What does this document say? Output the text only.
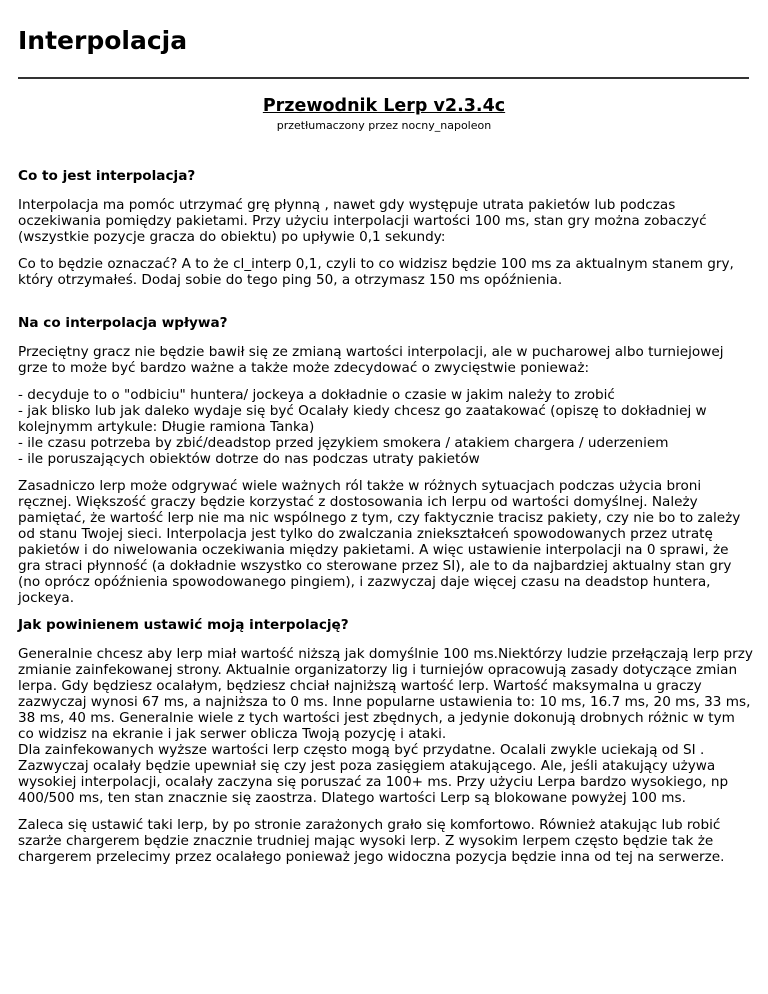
Interpolacja
Przewodnik Lerp v2.3.4c
przetłumaczony przez nocny_napoleon
Co to jest interpolacja?

Interpolacja ma pomóc utrzymać grę płynną , nawet gdy występuje utrata pakietów lub podczas oczekiwania pomiędzy pakietami. Przy użyciu interpolacji wartości 100 ms, stan gry można zobaczyć (wszystkie pozycje gracza do obiektu) po upływie 0,1 sekundy:

Co to będzie oznaczać? A to że cl_interp 0,1, czyli to co widzisz będzie 100 ms za aktualnym stanem gry, który otrzymałeś. Dodaj sobie do tego ping 50, a otrzymasz 150 ms opóźnienia.

Na co interpolacja wpływa?

Przeciętny gracz nie będzie bawił się ze zmianą wartości interpolacji, ale w pucharowej albo turniejowej grze to może być bardzo ważne a także może zdecydować o zwycięstwie ponieważ:

- decyduje to o "odbiciu" huntera/ jockeya a dokładnie o czasie w jakim należy to zrobić

- jak blisko lub jak daleko wydaje się być Ocalały kiedy chcesz go zaatakować (opiszę to dokładniej w kolejnymm artykule: Długie ramiona Tanka)

- ile czasu potrzeba by zbić/deadstop przed językiem smokera / atakiem chargera / uderzeniem

- ile poruszających obiektów dotrze do nas podczas utraty pakietów

Zasadniczo lerp może odgrywać wiele ważnych ról także w różnych sytuacjach podczas użycia broni ręcznej. Większość graczy będzie korzystać z dostosowania ich lerpu od wartości domyślnej. Należy pamiętać, że wartość lerp nie ma nic wspólnego z tym, czy faktycznie tracisz pakiety, czy nie bo to zależy od stanu Twojej sieci. Interpolacja jest tylko do zwalczania zniekształceń spowodowanych przez utratę pakietów i do niwelowania oczekiwania między pakietami. A więc ustawienie interpolacji na 0 sprawi, że gra straci płynność (a dokładnie wszystko co sterowane przez SI), ale to da najbardziej aktualny stan gry (no oprócz opóźnienia spowodowanego pingiem), i zazwyczaj daje więcej czasu na deadstop huntera, jockeya.

Jak powinienem ustawić moją interpolację?

Generalnie chcesz aby lerp miał wartość niższą jak domyślnie 100 ms.Niektórzy ludzie przełączają lerp przy zmianie zainfekowanej strony. Aktualnie organizatorzy lig i turniejów opracowują zasady dotyczące zmian lerpa. Gdy będziesz ocalałym, będziesz chciał najniższą wartość lerp. Wartość maksymalna u graczy zazwyczaj wynosi 67 ms, a najniższa to 0 ms. Inne popularne ustawienia to: 10 ms, 16.7 ms, 20 ms, 33 ms, 38 ms, 40 ms. Generalnie wiele z tych wartości jest zbędnych, a jedynie dokonują drobnych różnic w tym co widzisz na ekranie i jak serwer oblicza Twoją pozycję i ataki.

Dla zainfekowanych wyższe wartości lerp często mogą być przydatne. Ocalali zwykle uciekają od SI . Zazwyczaj ocalały będzie upewniał się czy jest poza zasięgiem atakującego. Ale, jeśli atakujący używa wysokiej interpolacji, ocalały zaczyna się poruszać za 100+ ms. Przy użyciu Lerpa bardzo wysokiego, np 400/500 ms, ten stan znacznie się zaostrza. Dlatego wartości Lerp są blokowane powyżej 100 ms.

Zaleca się ustawić taki lerp, by po stronie zarażonych grało się komfortowo. Również atakując lub robić szarże chargerem będzie znacznie trudniej mając wysoki lerp. Z wysokim lerpem często będzie tak że chargerem przelecimy przez ocalałego ponieważ jego widoczna pozycja będzie inna od tej na serwerze.
